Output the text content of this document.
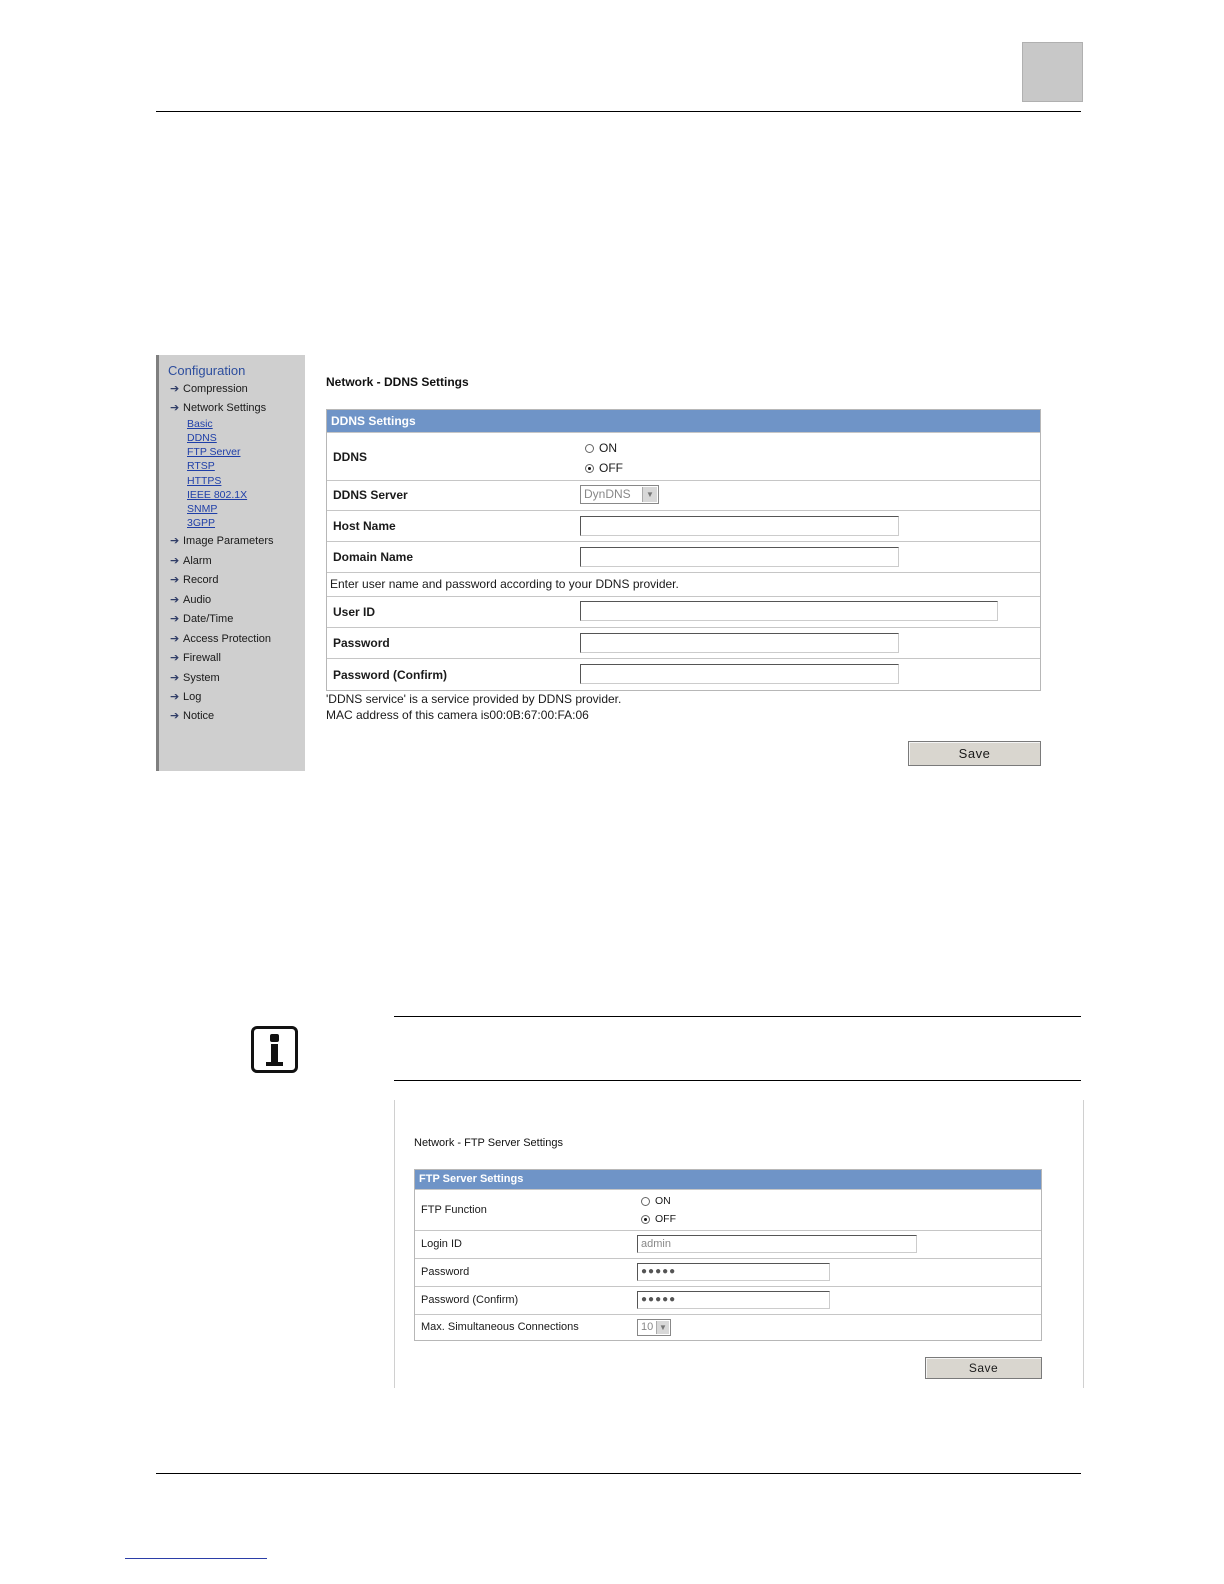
Configuration
➔ Compression
➔ Network Settings
Basic
DDNS
FTP Server
RTSP
HTTPS
IEEE 802.1X
SNMP
3GPP
➔ Image Parameters
➔ Alarm
➔ Record
➔ Audio
➔ Date/Time
➔ Access Protection
➔ Firewall
➔ System
➔ Log
➔ Notice
Network - DDNS Settings
DDNS Settings
DDNS
ON
OFF
DDNS Server	DynDNS	▼
Host Name
Domain Name
Enter user name and password according to your DDNS provider.
User ID
Password
Password (Confirm)
'DDNS service' is a service provided by DDNS provider.
MAC address of this camera is00:0B:67:00:FA:06
Save
Network - FTP Server Settings
FTP Server Settings
FTP Function
ON
OFF
Login ID	admin
Password	●●●●●
Password (Confirm)	●●●●●
Max. Simultaneous Connections	10 ▼
Save
